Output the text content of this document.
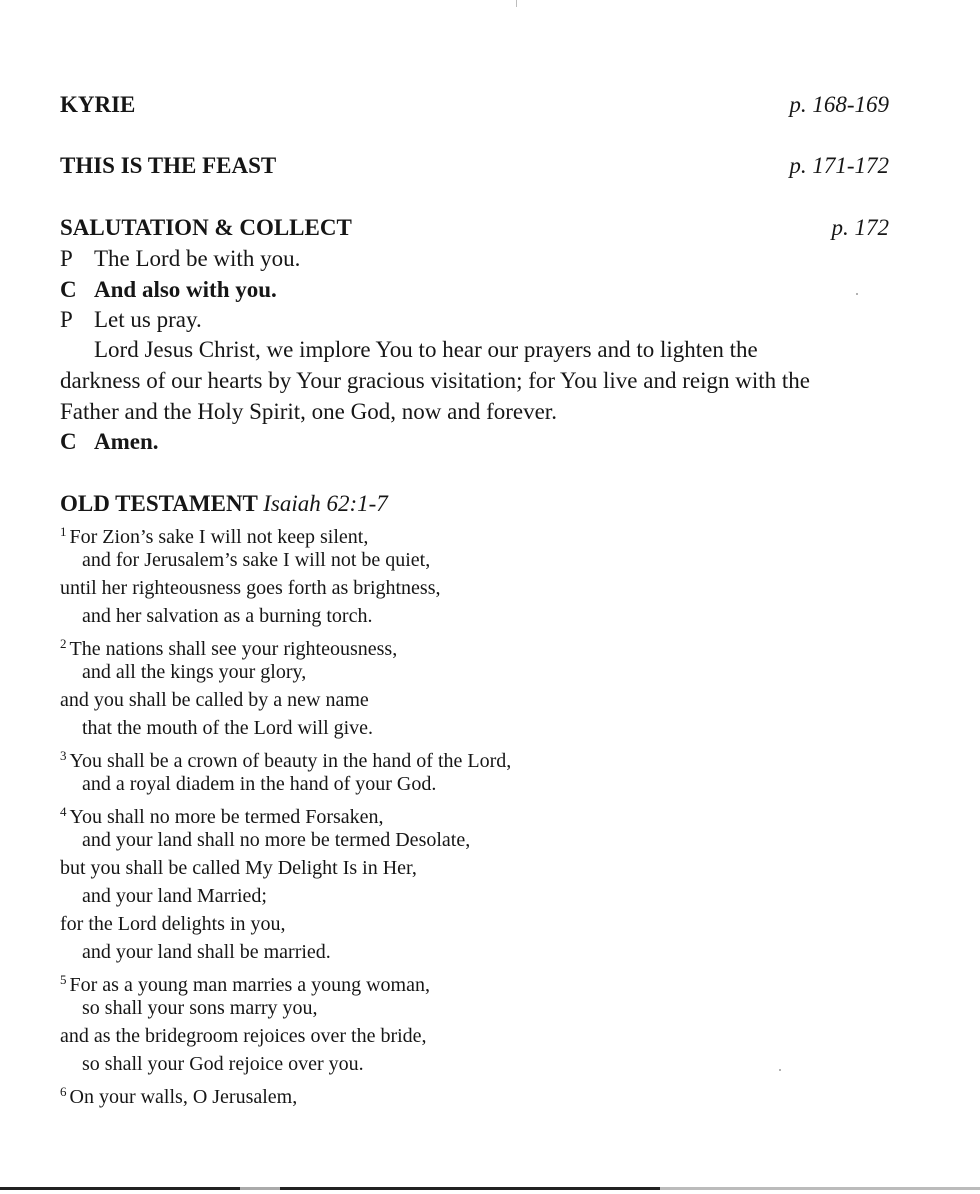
KYRIE	p. 168-169
THIS IS THE FEAST	p. 171-172
SALUTATION & COLLECT	p. 172
P The Lord be with you.
C And also with you.
P Let us pray.
Lord Jesus Christ, we implore You to hear our prayers and to lighten the
darkness of our hearts by Your gracious visitation; for You live and reign with the
Father and the Holy Spirit, one God, now and forever.
C Amen.
OLD TESTAMENT Isaiah 62:1-7
$^1$ For Zion’s sake I will not keep silent,
and for Jerusalem’s sake I will not be quiet,
until her righteousness goes forth as brightness,
and her salvation as a burning torch.
$^2$ The nations shall see your righteousness,
and all the kings your glory,
and you shall be called by a new name
that the mouth of the Lord will give.
$^3$ You shall be a crown of beauty in the hand of the Lord,
and a royal diadem in the hand of your God.
$^4$ You shall no more be termed Forsaken,
and your land shall no more be termed Desolate,
but you shall be called My Delight Is in Her,
and your land Married;
for the Lord delights in you,
and your land shall be married.
$^5$ For as a young man marries a young woman,
so shall your sons marry you,
and as the bridegroom rejoices over the bride,
so shall your God rejoice over you.
$^6$ On your walls, O Jerusalem,
